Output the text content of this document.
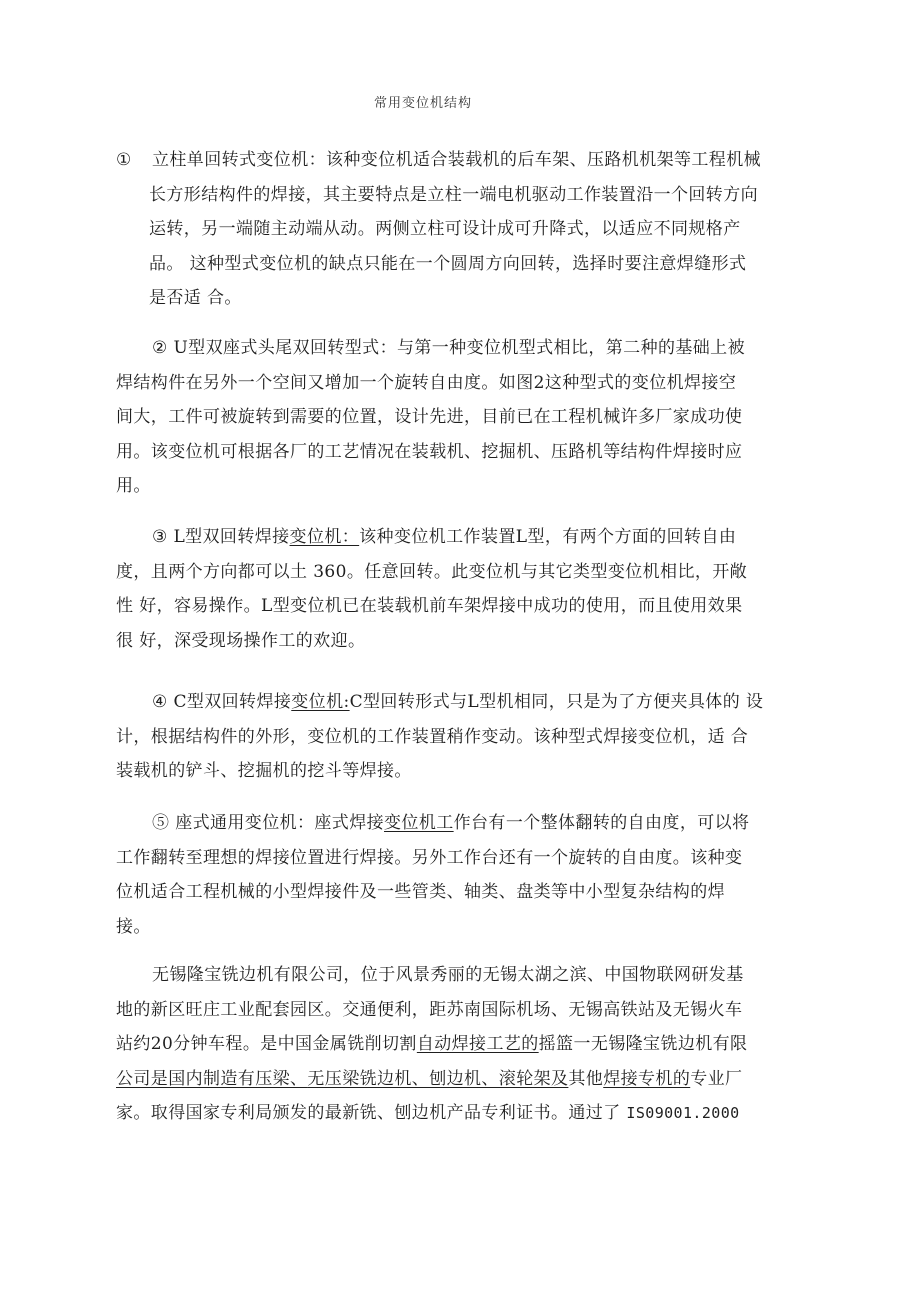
常用变位机结构
① 立柱单回转式变位机：该种变位机适合装载机的后车架、压路机机架等工程机械
长方形结构件的焊接，其主要特点是立柱一端电机驱动工作装置沿一个回转方向
运转，另一端随主动端从动。两侧立柱可设计成可升降式，以适应不同规格产
品。 这种型式变位机的缺点只能在一个圆周方向回转，选择时要注意焊缝形式
是否适 合。
② U型双座式头尾双回转型式：与第一种变位机型式相比，第二种的基础上被
焊结构件在另外一个空间又增加一个旋转自由度。如图2这种型式的变位机焊接空
间大，工件可被旋转到需要的位置，设计先进，目前已在工程机械许多厂家成功使
用。该变位机可根据各厂的工艺情况在装载机、挖掘机、压路机等结构件焊接时应
用。
③ L型双回转焊接变位机：该种变位机工作装置L型，有两个方面的回转自由
度，且两个方向都可以土 360。任意回转。此变位机与其它类型变位机相比，开敞
性 好，容易操作。L型变位机已在装载机前车架焊接中成功的使用，而且使用效果
很 好，深受现场操作工的欢迎。
④ C型双回转焊接变位机:C型回转形式与L型机相同，只是为了方便夹具体的 设
计，根据结构件的外形，变位机的工作装置稍作变动。该种型式焊接变位机，适 合
装载机的铲斗、挖掘机的挖斗等焊接。
⑤ 座式通用变位机：座式焊接变位机工作台有一个整体翻转的自由度，可以将
工作翻转至理想的焊接位置进行焊接。另外工作台还有一个旋转的自由度。该种变
位机适合工程机械的小型焊接件及一些管类、轴类、盘类等中小型复杂结构的焊
接。
无锡隆宝铣边机有限公司，位于风景秀丽的无锡太湖之滨、中国物联网研发基
地的新区旺庄工业配套园区。交通便利，距苏南国际机场、无锡高铁站及无锡火车
站约20分钟车程。是中国金属铣削切割自动焊接工艺的摇篮一无锡隆宝铣边机有限
公司是国内制造有压梁、无压梁铣边机、刨边机、滚轮架及其他焊接专机的专业厂
家。取得国家专利局颁发的最新铣、刨边机产品专利证书。通过了 IS09001.2000
